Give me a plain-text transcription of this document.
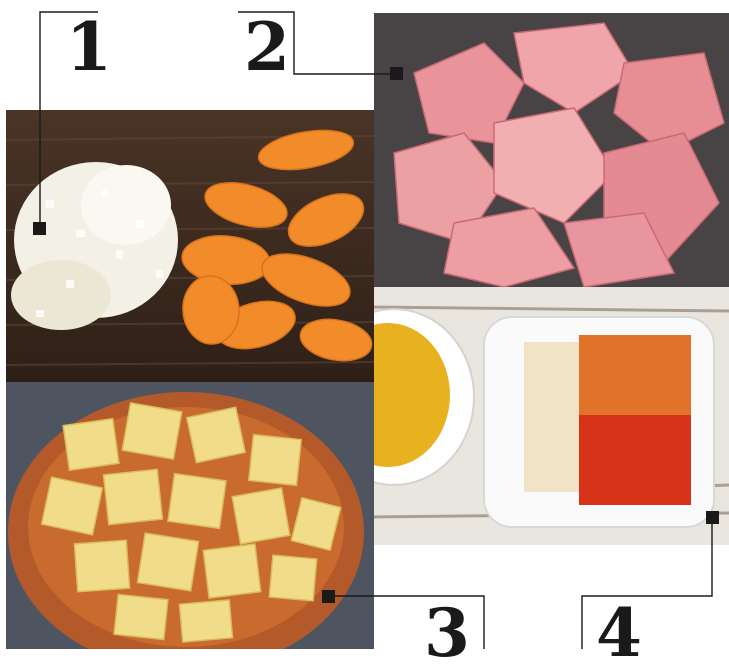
1 2
3 4
